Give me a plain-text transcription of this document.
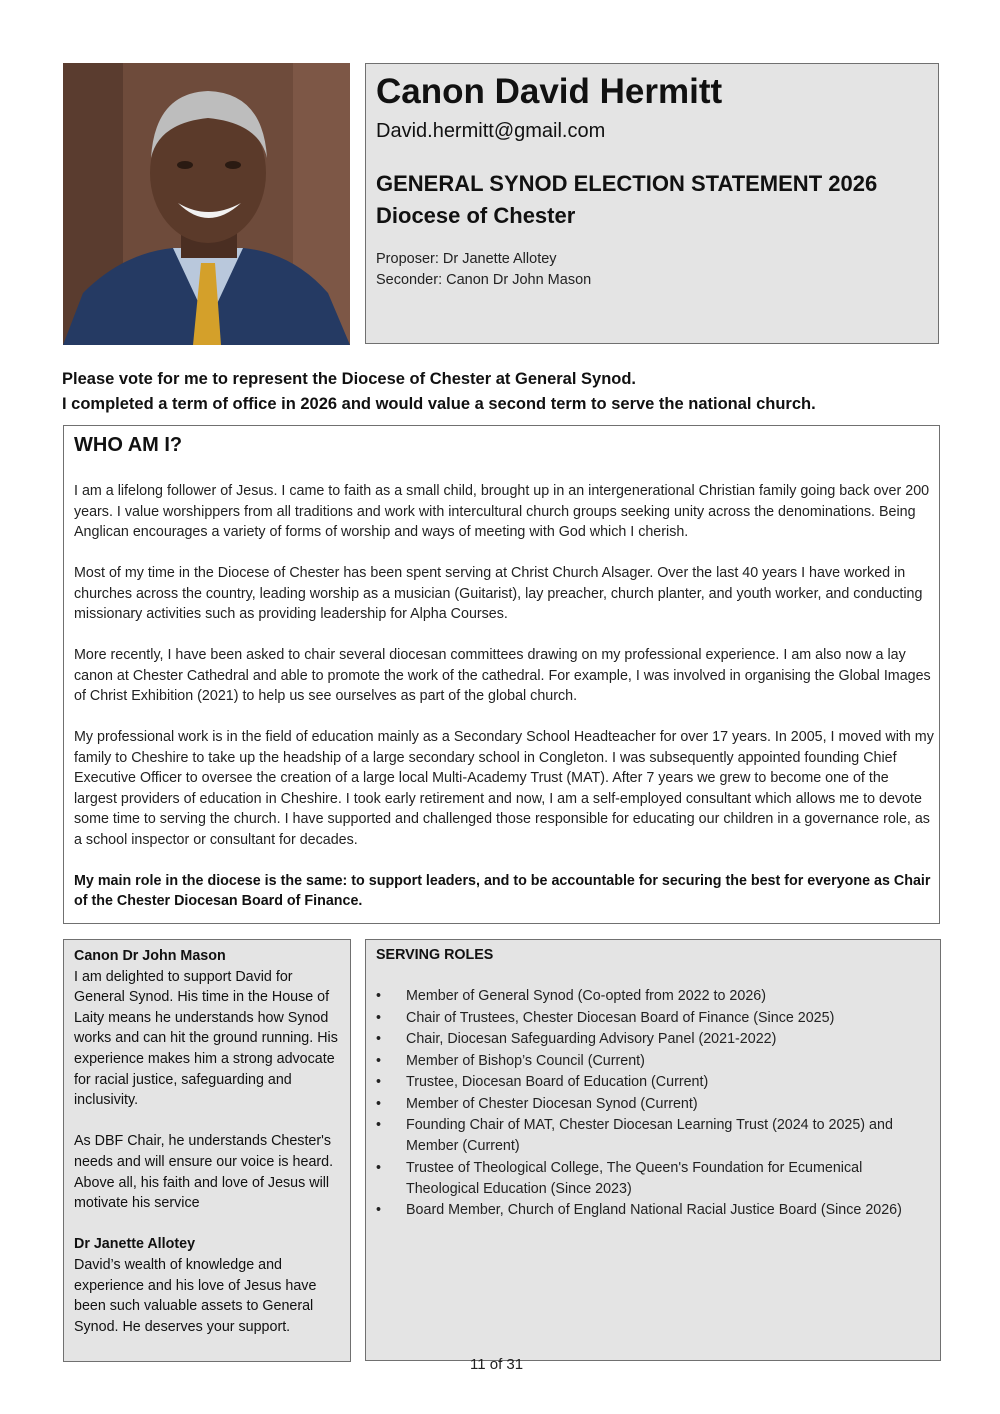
Canon David Hermitt
David.hermitt@gmail.com
GENERAL SYNOD ELECTION STATEMENT 2026
Diocese of Chester
Proposer: Dr Janette Allotey
Seconder: Canon Dr John Mason
Please vote for me to represent the Diocese of Chester at General Synod.
I completed a term of office in 2026 and would value a second term to serve the national church.
WHO AM I?

I am a lifelong follower of Jesus. I came to faith as a small child, brought up in an intergenerational Christian family going back over 200 years. I value worshippers from all traditions and work with intercultural church groups seeking unity across the denominations. Being Anglican encourages a variety of forms of worship and ways of meeting with God which I cherish.

Most of my time in the Diocese of Chester has been spent serving at Christ Church Alsager. Over the last 40 years I have worked in churches across the country, leading worship as a musician (Guitarist), lay preacher, church planter, and youth worker, and conducting missionary activities such as providing leadership for Alpha Courses.

More recently, I have been asked to chair several diocesan committees drawing on my professional experience. I am also now a lay canon at Chester Cathedral and able to promote the work of the cathedral. For example, I was involved in organising the Global Images of Christ Exhibition (2021) to help us see ourselves as part of the global church.

My professional work is in the field of education mainly as a Secondary School Headteacher for over 17 years. In 2005, I moved with my family to Cheshire to take up the headship of a large secondary school in Congleton. I was subsequently appointed founding Chief Executive Officer to oversee the creation of a large local Multi-Academy Trust (MAT). After 7 years we grew to become one of the largest providers of education in Cheshire. I took early retirement and now, I am a self-employed consultant which allows me to devote some time to serving the church. I have supported and challenged those responsible for educating our children in a governance role, as a school inspector or consultant for decades.

My main role in the diocese is the same: to support leaders, and to be accountable for securing the best for everyone as Chair of the Chester Diocesan Board of Finance.

Canon Dr John Mason

I am delighted to support David for General Synod. His time in the House of Laity means he understands how Synod works and can hit the ground running. His experience makes him a strong advocate for racial justice, safeguarding and inclusivity.

As DBF Chair, he understands Chester's needs and will ensure our voice is heard. Above all, his faith and love of Jesus will motivate his service

Dr Janette Allotey

David’s wealth of knowledge and experience and his love of Jesus have been such valuable assets to General Synod. He deserves your support.

SERVING ROLES
• Member of General Synod (Co-opted from 2022 to 2026)
• Chair of Trustees, Chester Diocesan Board of Finance (Since 2025)
• Chair, Diocesan Safeguarding Advisory Panel (2021-2022)
• Member of Bishop’s Council (Current)
• Trustee, Diocesan Board of Education (Current)
• Member of Chester Diocesan Synod (Current)
• Founding Chair of MAT, Chester Diocesan Learning Trust (2024 to 2025) and Member (Current)
• Trustee of Theological College, The Queen's Foundation for Ecumenical Theological Education (Since 2023)
• Board Member, Church of England National Racial Justice Board (Since 2026)
11 of 31
